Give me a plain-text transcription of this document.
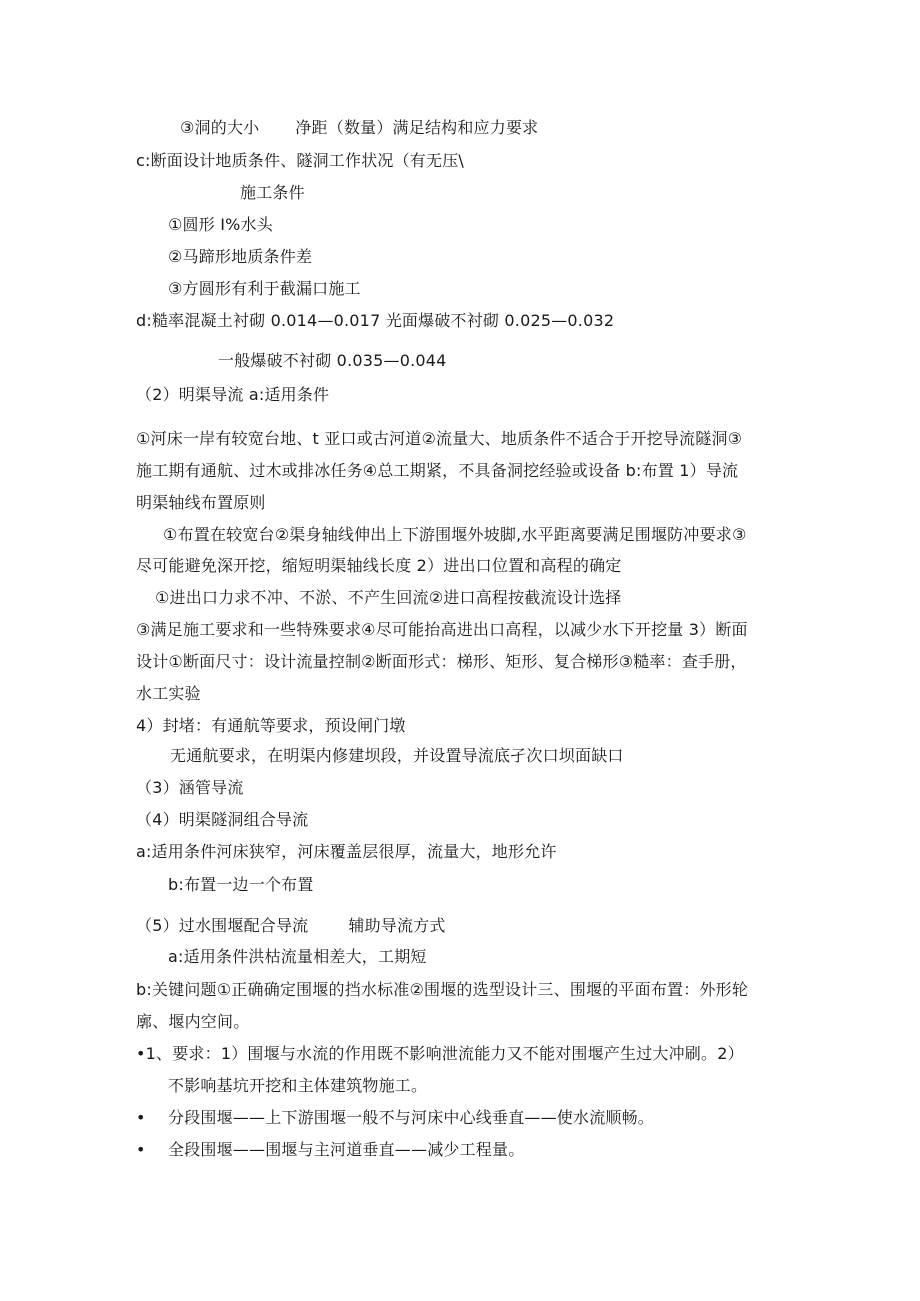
③洞的大小 净距（数量）满足结构和应力要求
c:断面设计地质条件、隧洞工作状况（有无压\
施工条件
①圆形 I%水头
②马蹄形地质条件差
③方圆形有利于截漏口施工
d:糙率混凝土衬砌 0.014—0.017 光面爆破不衬砌 0.025—0.032
一般爆破不衬砌 0.035—0.044
（2）明渠导流 a:适用条件
①河床一岸有较宽台地、t 亚口或古河道②流量大、地质条件不适合于开挖导流隧洞③
施工期有通航、过木或排冰任务④总工期紧，不具备洞挖经验或设备 b:布置 1）导流
明渠轴线布置原则
①布置在较宽台②渠身轴线伸出上下游围堰外坡脚,水平距离要满足围堰防冲要求③
尽可能避免深开挖，缩短明渠轴线长度 2）进出口位置和高程的确定
①进出口力求不冲、不淤、不产生回流②进口高程按截流设计选择
③满足施工要求和一些特殊要求④尽可能抬高进出口高程，以减少水下开挖量 3）断面
设计①断面尺寸：设计流量控制②断面形式：梯形、矩形、复合梯形③糙率：查手册，
水工实验
4）封堵：有通航等要求，预设闸门墩
无通航要求，在明渠内修建坝段，并设置导流底孑次口坝面缺口
（3）涵管导流
（4）明渠隧洞组合导流
a:适用条件河床狭窄，河床覆盖层很厚，流量大，地形允许
b:布置一边一个布置
（5）过水围堰配合导流	辅助导流方式
a:适用条件洪枯流量相差大，工期短
b:关键问题①正确确定围堰的挡水标准②围堰的选型设计三、围堰的平面布置：外形轮
廓、堰内空间。
•1、要求：1）围堰与水流的作用既不影响泄流能力又不能对围堰产生过大冲刷。2）
不影响基坑开挖和主体建筑物施工。
• 分段围堰——上下游围堰一般不与河床中心线垂直——使水流顺畅。
• 全段围堰——围堰与主河道垂直——减少工程量。
